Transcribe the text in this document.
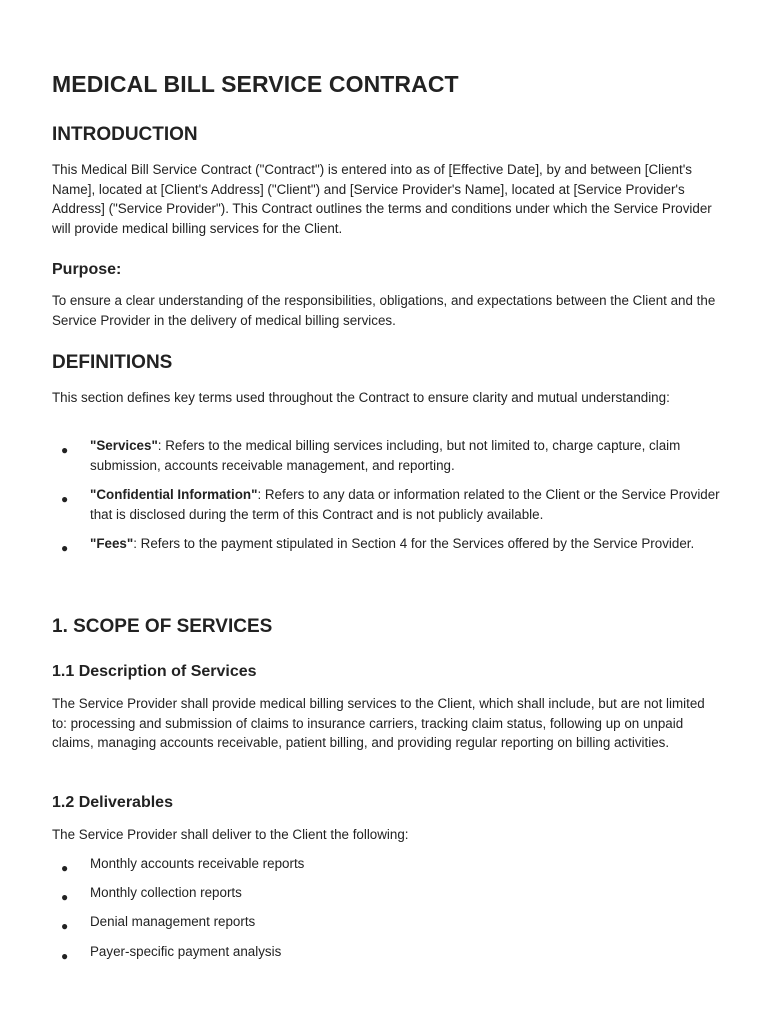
MEDICAL BILL SERVICE CONTRACT
INTRODUCTION

This Medical Bill Service Contract ("Contract") is entered into as of [Effective Date], by and between [Client's Name], located at [Client's Address] ("Client") and [Service Provider's Name], located at [Service Provider's Address] ("Service Provider"). This Contract outlines the terms and conditions under which the Service Provider will provide medical billing services for the Client.

Purpose:

To ensure a clear understanding of the responsibilities, obligations, and expectations between the Client and the Service Provider in the delivery of medical billing services.

DEFINITIONS

This section defines key terms used throughout the Contract to ensure clarity and mutual understanding:

● "Services": Refers to the medical billing services including, but not limited to, charge capture, claim submission, accounts receivable management, and reporting.
● "Confidential Information": Refers to any data or information related to the Client or the Service Provider that is disclosed during the term of this Contract and is not publicly available.
● "Fees": Refers to the payment stipulated in Section 4 for the Services offered by the Service Provider.
1. SCOPE OF SERVICES
1.1 Description of Services

The Service Provider shall provide medical billing services to the Client, which shall include, but are not limited to: processing and submission of claims to insurance carriers, tracking claim status, following up on unpaid claims, managing accounts receivable, patient billing, and providing regular reporting on billing activities.

1.2 Deliverables

The Service Provider shall deliver to the Client the following:

● Monthly accounts receivable reports
● Monthly collection reports
● Denial management reports
● Payer-specific payment analysis
